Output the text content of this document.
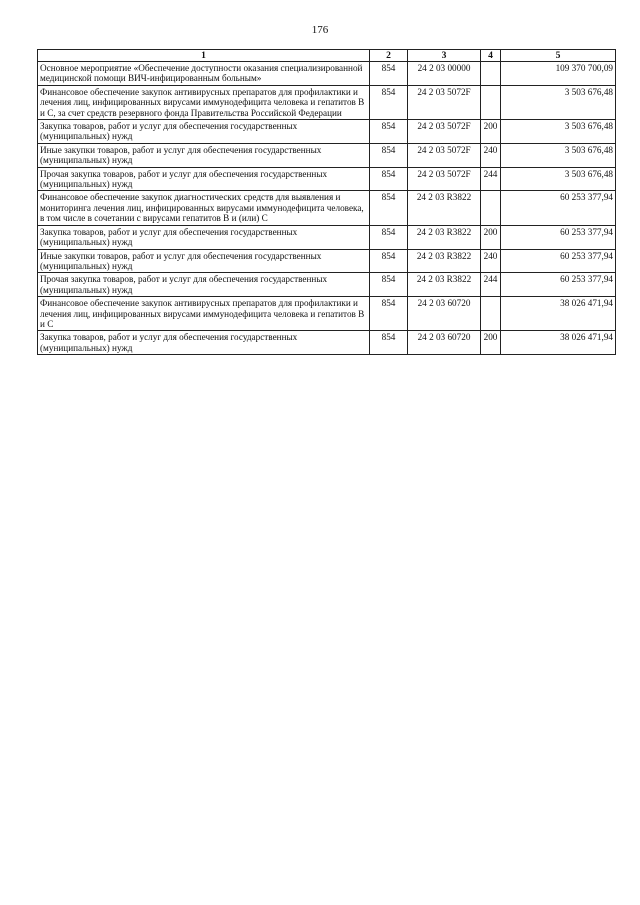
176
1	2	3	4	5
Основное мероприятие «Обеспечение доступности оказания специализированной медицинской помощи ВИЧ-инфицированным больным»	854	24 2 03 00000		109 370 700,09
Финансовое обеспечение закупок антивирусных препаратов для профилактики и лечения лиц, инфицированных вирусами иммунодефицита человека и гепатитов В и С, за счет средств резервного фонда Правительства Российской Федерации	854	24 2 03 5072F		3 503 676,48
Закупка товаров, работ и услуг для обеспечения государственных (муниципальных) нужд	854	24 2 03 5072F	200	3 503 676,48
Иные закупки товаров, работ и услуг для обеспечения государственных (муниципальных) нужд	854	24 2 03 5072F	240	3 503 676,48
Прочая закупка товаров, работ и услуг для обеспечения государственных (муниципальных) нужд	854	24 2 03 5072F	244	3 503 676,48
Финансовое обеспечение закупок диагностических средств для выявления и мониторинга лечения лиц, инфицированных вирусами иммунодефицита человека, в том числе в сочетании с вирусами гепатитов В и (или) С	854	24 2 03 R3822		60 253 377,94
Закупка товаров, работ и услуг для обеспечения государственных (муниципальных) нужд	854	24 2 03 R3822	200	60 253 377,94
Иные закупки товаров, работ и услуг для обеспечения государственных (муниципальных) нужд	854	24 2 03 R3822	240	60 253 377,94
Прочая закупка товаров, работ и услуг для обеспечения государственных (муниципальных) нужд	854	24 2 03 R3822	244	60 253 377,94
Финансовое обеспечение закупок антивирусных препаратов для профилактики и лечения лиц, инфицированных вирусами иммунодефицита человека и гепатитов В и С	854	24 2 03 60720		38 026 471,94
Закупка товаров, работ и услуг для обеспечения государственных (муниципальных) нужд	854	24 2 03 60720	200	38 026 471,94
